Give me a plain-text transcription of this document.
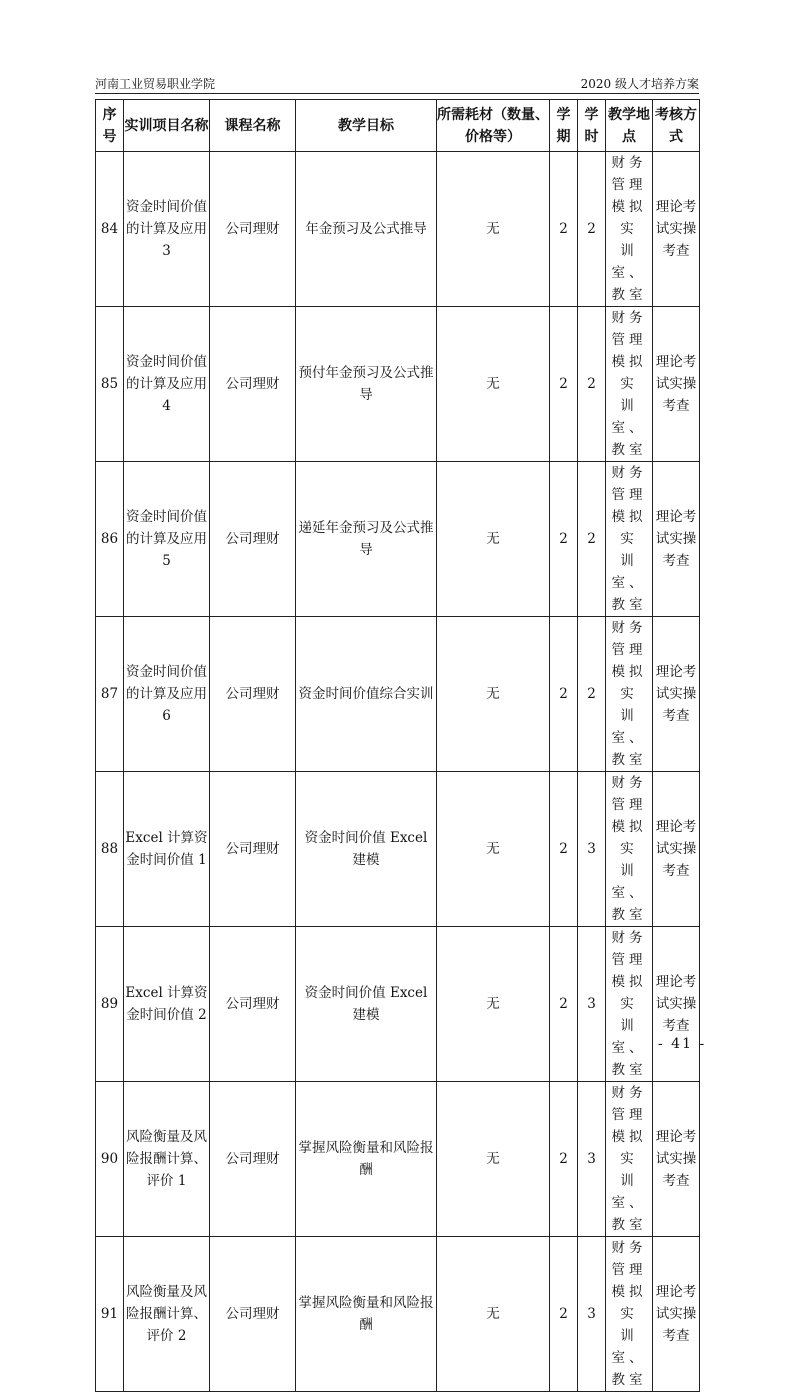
河南工业贸易职业学院	2020 级人才培养方案
序号	实训项目名称	课程名称	教学目标	所需耗材（数量、价格等）	学期	学时	教学地点	考核方式
84	资金时间价值的计算及应用3	公司理财	年金预习及公式推导	无	2	2	财务管理模拟实　训室、教室	理论考试实操考查
85	资金时间价值的计算及应用4	公司理财	预付年金预习及公式推导	无	2	2	财务管理模拟实　训室、教室	理论考试实操考查
86	资金时间价值的计算及应用5	公司理财	递延年金预习及公式推导	无	2	2	财务管理模拟实　训室、教室	理论考试实操考查
87	资金时间价值的计算及应用6	公司理财	资金时间价值综合实训	无	2	2	财务管理模拟实　训室、教室	理论考试实操考查
88	Excel 计算资金时间价值 1	公司理财	资金时间价值 Excel 建模	无	2	3	财务管理模拟实　训室、教室	理论考试实操考查
89	Excel 计算资金时间价值 2	公司理财	资金时间价值 Excel 建模	无	2	3	财务管理模拟实　训室、教室	理论考试实操考查
90	风险衡量及风险报酬计算、评价 1	公司理财	掌握风险衡量和风险报酬	无	2	3	财务管理模拟实　训室、教室	理论考试实操考查
91	风险衡量及风险报酬计算、评价 2	公司理财	掌握风险衡量和风险报酬	无	2	3	财务管理模拟实　训室、教室	理论考试实操考查
- 41 -
